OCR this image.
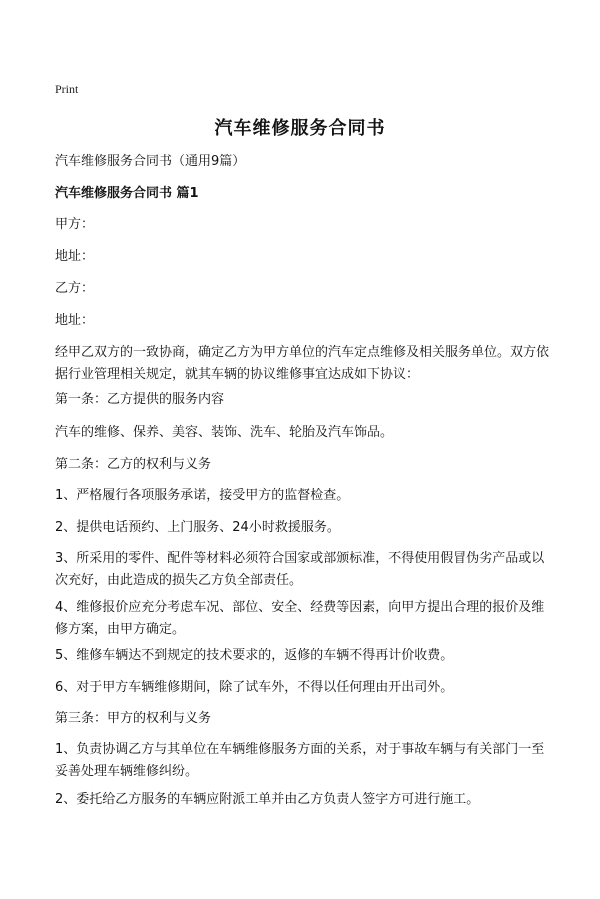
Print
汽车维修服务合同书

汽车维修服务合同书（通用9篇）

汽车维修服务合同书 篇1

甲方：

地址：

乙方：

地址：

经甲乙双方的一致协商，确定乙方为甲方单位的汽车定点维修及相关服务单位。双方依据行业管理相关规定，就其车辆的协议维修事宜达成如下协议：

第一条：乙方提供的服务内容

汽车的维修、保养、美容、装饰、洗车、轮胎及汽车饰品。

第二条：乙方的权利与义务

1、严格履行各项服务承诺，接受甲方的监督检查。

2、提供电话预约、上门服务、24小时救援服务。

3、所采用的零件、配件等材料必须符合国家或部颁标准，不得使用假冒伪劣产品或以次充好，由此造成的损失乙方负全部责任。

4、维修报价应充分考虑车况、部位、安全、经费等因素，向甲方提出合理的报价及维修方案，由甲方确定。

5、维修车辆达不到规定的技术要求的，返修的车辆不得再计价收费。

6、对于甲方车辆维修期间，除了试车外，不得以任何理由开出司外。

第三条：甲方的权利与义务

1、负责协调乙方与其单位在车辆维修服务方面的关系，对于事故车辆与有关部门一至妥善处理车辆维修纠纷。

2、委托给乙方服务的车辆应附派工单并由乙方负责人签字方可进行施工。
